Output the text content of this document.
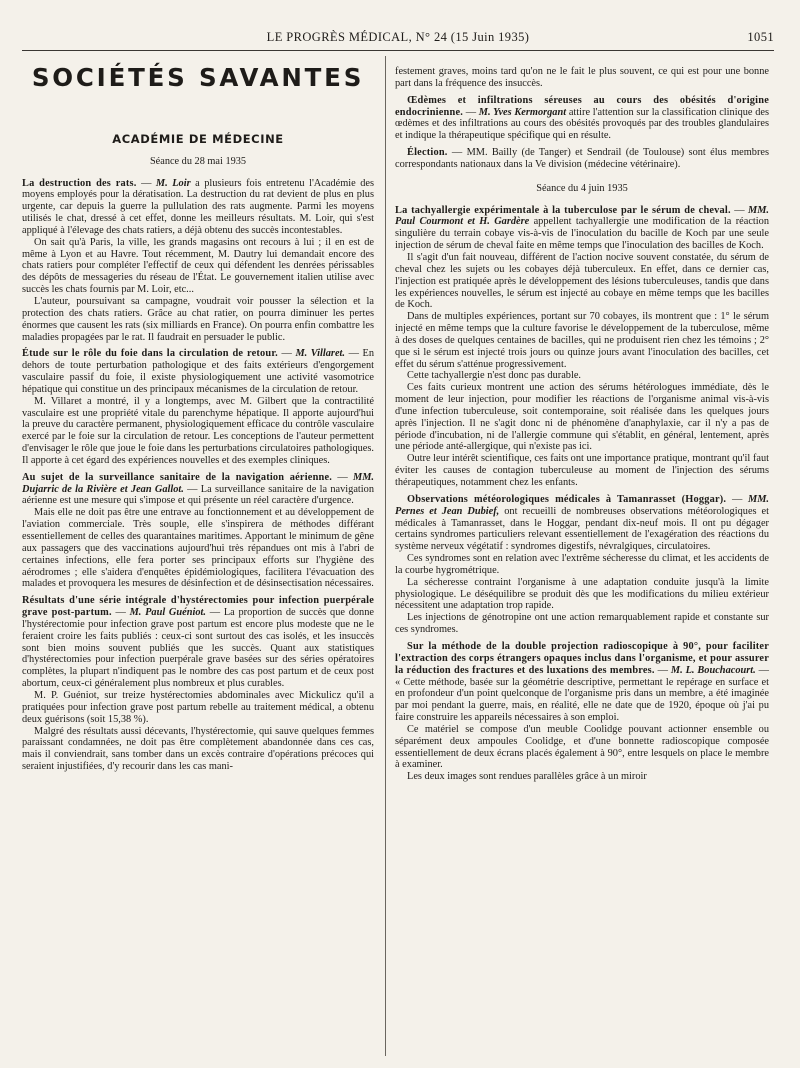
LE PROGRÈS MÉDICAL, N° 24 (15 Juin 1935)	1051
SOCIÉTÉS SAVANTES
ACADÉMIE DE MÉDECINE
Séance du 28 mai 1935

La destruction des rats. — M. Loir a plusieurs fois entretenu l'Académie des moyens employés pour la dératisation. La destruction du rat devient de plus en plus urgente, car depuis la guerre la pullulation des rats augmente. Parmi les moyens utilisés le chat, dressé à cet effet, donne les meilleurs résultats. M. Loir, qui s'est appliqué à l'élevage des chats ratiers, a déjà obtenu des succès incontestables.

On sait qu'à Paris, la ville, les grands magasins ont recours à lui ; il en est de même à Lyon et au Havre. Tout récemment, M. Dautry lui demandait encore des chats ratiers pour compléter l'effectif de ceux qui défendent les denrées périssables des dépôts de messageries du réseau de l'État. Le gouvernement italien utilise avec succès les chats fournis par M. Loir, etc...

L'auteur, poursuivant sa campagne, voudrait voir pousser la sélection et la protection des chats ratiers. Grâce au chat ratier, on pourra diminuer les pertes énormes que causent les rats (six milliards en France). On pourra enfin combattre les maladies propagées par le rat. Il faudrait en persuader le public.

Étude sur le rôle du foie dans la circulation de retour. — M. Villaret. — En dehors de toute perturbation pathologique et des faits extérieurs d'engorgement vasculaire passif du foie, il existe physiologiquement une activité vasomotrice hépatique qui constitue un des principaux mécanismes de la circulation de retour.

M. Villaret a montré, il y a longtemps, avec M. Gilbert que la contractilité vasculaire est une propriété vitale du parenchyme hépatique. Il apporte aujourd'hui la preuve du caractère permanent, physiologiquement efficace du contrôle vasculaire exercé par le foie sur la circulation de retour. Les conceptions de l'auteur permettent d'envisager le rôle que joue le foie dans les perturbations circulatoires pathologiques. Il apporte à cet égard des expériences nouvelles et des exemples cliniques.

Au sujet de la surveillance sanitaire de la navigation aérienne. — MM. Dujarric de la Rivière et Jean Gallot. — La surveillance sanitaire de la navigation aérienne est une mesure qui s'impose et qui présente un réel caractère d'urgence.

Mais elle ne doit pas être une entrave au fonctionnement et au développement de l'aviation commerciale. Très souple, elle s'inspirera de méthodes différant essentiellement de celles des quarantaines maritimes. Apportant le minimum de gêne aux passagers que des vaccinations aujourd'hui très répandues ont mis à l'abri de certaines infections, elle fera porter ses principaux efforts sur l'hygiène des aérodromes ; elle s'aidera d'enquêtes épidémiologiques, facilitera l'évacuation des malades et provoquera les mesures de désinfection et de désinsectisation nécessaires.

Résultats d'une série intégrale d'hystérectomies pour infection puerpérale grave post-partum. — M. Paul Guéniot. — La proportion de succès que donne l'hystérectomie pour infection grave post partum est encore plus modeste que ne le feraient croire les faits publiés : ceux-ci sont surtout des cas isolés, et les insuccès sont bien moins souvent publiés que les succès. Quant aux statistiques d'hystérectomies pour infection puerpérale grave basées sur des séries opératoires complètes, la plupart n'indiquent pas le nombre des cas post partum et de ceux post abortum, ceux-ci généralement plus nombreux et plus curables.

M. P. Guéniot, sur treize hystérectomies abdominales avec Mickulicz qu'il a pratiquées pour infection grave post partum rebelle au traitement médical, a obtenu deux guérisons (soit 15,38 %).

Malgré des résultats aussi décevants, l'hystérectomie, qui sauve quelques femmes paraissant condamnées, ne doit pas être complètement abandonnée dans ces cas, mais il conviendrait, sans tomber dans un excès contraire d'opérations précoces qui seraient injustifiées, d'y recourir dans les cas mani-

festement graves, moins tard qu'on ne le fait le plus souvent, ce qui est pour une bonne part dans la fréquence des insuccès.

Œdèmes et infiltrations séreuses au cours des obésités d'origine endocrinienne. — M. Yves Kermorgant attire l'attention sur la classification clinique des œdèmes et des infiltrations au cours des obésités provoqués par des troubles glandulaires et indique la thérapeutique spécifique qui en résulte.

Élection. — MM. Bailly (de Tanger) et Sendrail (de Toulouse) sont élus membres correspondants nationaux dans la Ve division (médecine vétérinaire).

Séance du 4 juin 1935

La tachyallergie expérimentale à la tuberculose par le sérum de cheval. — MM. Paul Courmont et H. Gardère appellent tachyallergie une modification de la réaction singulière du terrain cobaye vis-à-vis de l'inoculation du bacille de Koch par une seule injection de sérum de cheval faite en même temps que l'inoculation des bacilles de Koch.

Il s'agit d'un fait nouveau, différent de l'action nocive souvent constatée, du sérum de cheval chez les sujets ou les cobayes déjà tuberculeux. En effet, dans ce dernier cas, l'injection est pratiquée après le développement des lésions tuberculeuses, tandis que dans les expériences nouvelles, le sérum est injecté au cobaye en même temps que les bacilles de Koch.

Dans de multiples expériences, portant sur 70 cobayes, ils montrent que : 1° le sérum injecté en même temps que la culture favorise le développement de la tuberculose, même à des doses de quelques centaines de bacilles, qui ne produisent rien chez les témoins ; 2° que si le sérum est injecté trois jours ou quinze jours avant l'inoculation des bacilles, cet effet du sérum s'atténue progressivement.

Cette tachyallergie n'est donc pas durable.

Ces faits curieux montrent une action des sérums hétérologues immédiate, dès le moment de leur injection, pour modifier les réactions de l'organisme animal vis-à-vis d'une infection tuberculeuse, soit contemporaine, soit réalisée dans les quelques jours après l'injection. Il ne s'agit donc ni de phénomène d'anaphylaxie, car il n'y a pas de période d'incubation, ni de l'allergie commune qui s'établit, en général, lentement, après une période anté-allergique, qui n'existe pas ici.

Outre leur intérêt scientifique, ces faits ont une importance pratique, montrant qu'il faut éviter les causes de contagion tuberculeuse au moment de l'injection des sérums thérapeutiques, notamment chez les enfants.

Observations météorologiques médicales à Tamanrasset (Hoggar). — MM. Pernes et Jean Dubief, ont recueilli de nombreuses observations météorologiques et médicales à Tamanrasset, dans le Hoggar, pendant dix-neuf mois. Il ont pu dégager certains syndromes particuliers relevant essentiellement de l'exagération des réactions du système nerveux végétatif : syndromes digestifs, névralgiques, circulatoires.

Ces syndromes sont en relation avec l'extrême sécheresse du climat, et les accidents de la courbe hygrométrique.

La sécheresse contraint l'organisme à une adaptation conduite jusqu'à la limite physiologique. Le déséquilibre se produit dès que les modifications du milieu extérieur nécessitent une adaptation trop rapide.

Les injections de génotropine ont une action remarquablement rapide et constante sur ces syndromes.

Sur la méthode de la double projection radioscopique à 90°, pour faciliter l'extraction des corps étrangers opaques inclus dans l'organisme, et pour assurer la réduction des fractures et des luxations des membres. — M. L. Bouchacourt. — « Cette méthode, basée sur la géométrie descriptive, permettant le repérage en surface et en profondeur d'un point quelconque de l'organisme pris dans un membre, a été imaginée par moi pendant la guerre, mais, en réalité, elle ne date que de 1920, époque où j'ai pu faire construire les appareils nécessaires à son emploi.

Ce matériel se compose d'un meuble Coolidge pouvant actionner ensemble ou séparément deux ampoules Coolidge, et d'une bonnette radioscopique composée essentiellement de deux écrans placés également à 90°, entre lesquels on place le membre à examiner.

Les deux images sont rendues parallèles grâce à un miroir
